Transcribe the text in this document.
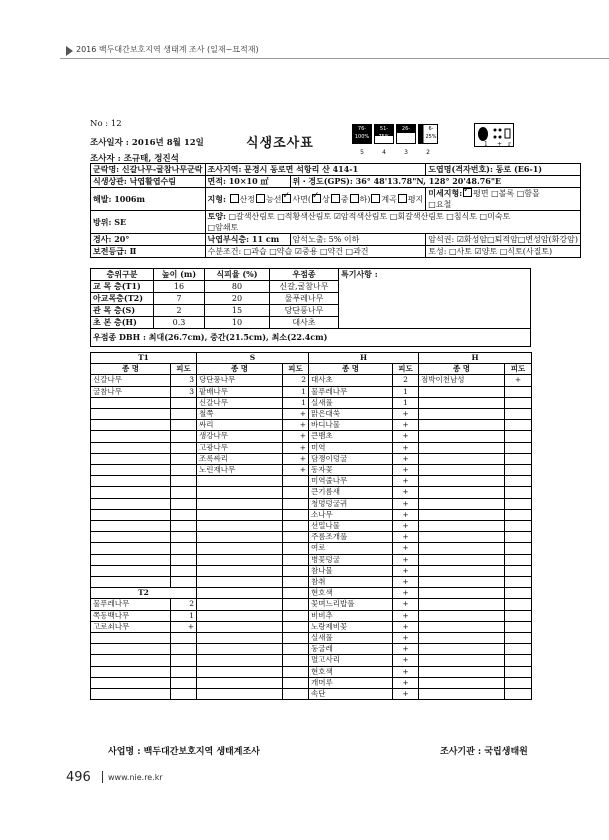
2016 백두대간보호지역 생태계 조사 (일재~묘적재)
No : 12
조사일자 : 2016년 8월 12일
조사자 : 조규태, 정진석
식생조사표
76-100%
51-75%
26-50%
6-25%
5	4	3	2
1 + r
군락명: 신갈나무-굴참나무군락	조사지역: 문경시 동로면 석항리 산 414-1		도엽명(격자번호): 동로 (E6-1)
식생상관: 낙엽활엽수림	면적: 10×10 ㎡	위・경도(GPS): 36° 48'13.78"N, 128° 20'48.76"E	
해발: 1006m	지형: 산정 능선 ✓ 사면( ✓ 상 중 하) 계곡 평지		미세지형: ✓ 평면 □볼록 □함몰
□요철

방위: SE	토양: □갈색산림토 □적황색산림토 ☑암적색산림토 □회갈색산림토 □침식토 □미숙토
□암쇄토		

경사: 20°	낙엽부식층: 11 cm	암석노출: 5% 이하	암석권: ☑화성암□퇴적암□변성암(화강암)
보전등급: Ⅱ	수분조건: □과습 □약습 ☑중용 □약건 □과건		토성: □사토 ☑양토 □식토(사질토)
층위구분	높이 (m)	식피율 (%)	우점종	특기사항 :
교 목 층(T1)	16	80	신갈,굴참나무	
아교목층(T2)	7	20	물푸레나무	
관 목 층(S)	2	15	당단풍나무	
초 본 층(H)	0.3	10	대사초	
우점종 DBH : 최대(26.7cm), 중간(21.5cm), 최소(22.4cm)				
T1		S		H		H	
종 명	피도	종 명	피도	종 명	피도	종 명	피도
신갈나무	3	당단풍나무	2	대사초	2	점박이천남성	+
굴참나무	3	팥배나무	1	물푸레나무	1		
		신갈나무	1	실새풀	1		
		철쭉	+	맑은대쑥	+		
		싸리	+	바디나물	+		
		생강나무	+	큰뱀초	+		
		고광나무	+	미역	+		
		조록싸리	+	담쟁이덩굴	+		
		노린재나무	+	동자꽃	+		
				미역줄나무	+		
				큰기름새	+		
				청멍덩굴귀	+		
				소나무	+		
				선밀나물	+		
				주름조개풀	+		
				여로	+		
				병꽃덩굴	+		
				참나물	+		
				참취	+		
T2				현호색	+		
물푸레나무	2			꽃며느리밥풀	+		
쪽동백나무	1			비비추	+		
고로쇠나무	+			노랑제비꽃	+		
				실새풀	+		
				둥굴레	+		
				멸고사리	+		
				현호색	+		
				개머루	+		
				속단	+		
사업명 : 백두대간보호지역 생태계조사	조사기관 : 국립생태원
496 www.nie.re.kr
